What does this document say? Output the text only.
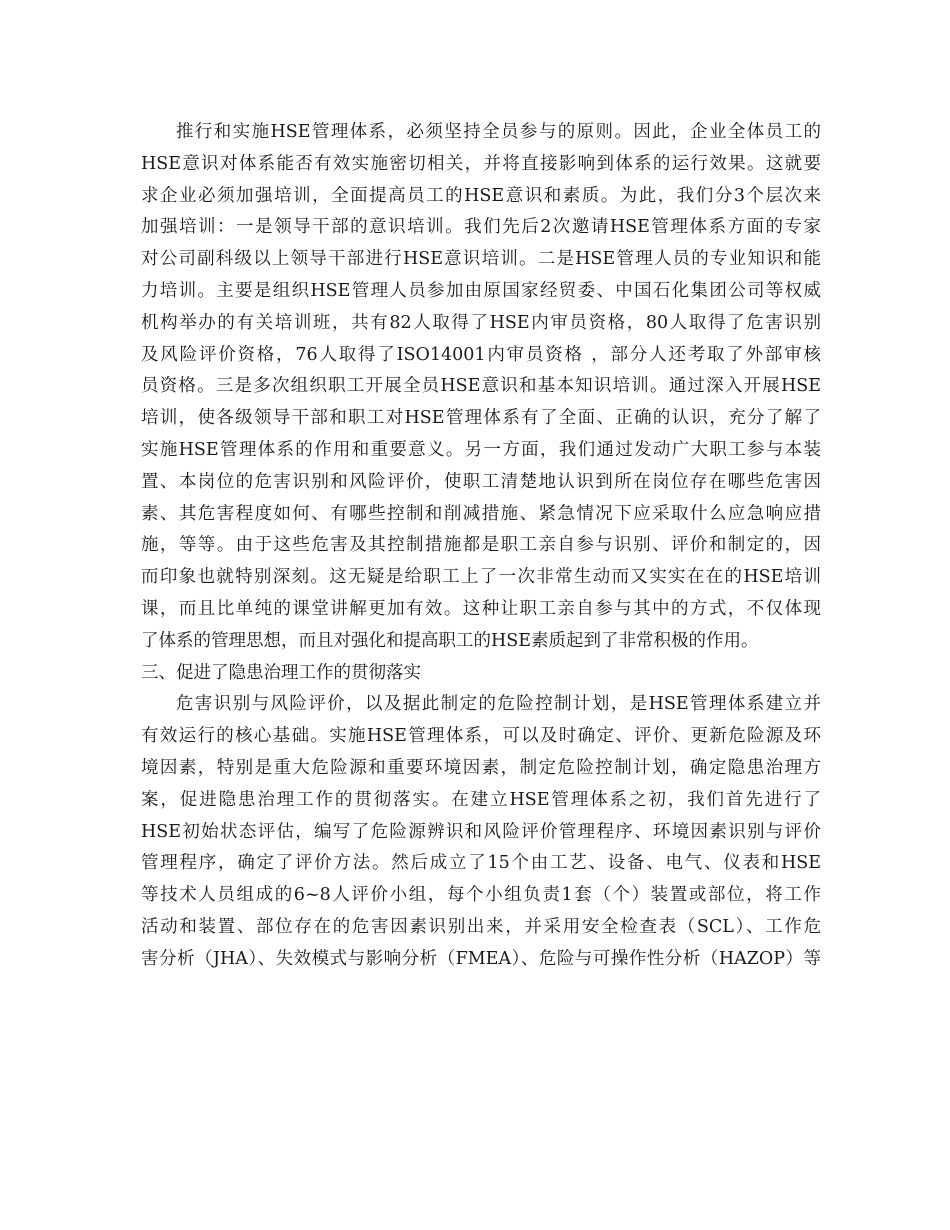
推行和实施HSE管理体系，必须坚持全员参与的原则。因此，企业全体员工的
HSE意识对体系能否有效实施密切相关，并将直接影响到体系的运行效果。这就要
求企业必须加强培训，全面提高员工的HSE意识和素质。为此，我们分3个层次来
加强培训：一是领导干部的意识培训。我们先后2次邀请HSE管理体系方面的专家
对公司副科级以上领导干部进行HSE意识培训。二是HSE管理人员的专业知识和能
力培训。主要是组织HSE管理人员参加由原国家经贸委、中国石化集团公司等权威
机构举办的有关培训班，共有82人取得了HSE内审员资格，80人取得了危害识别
及风险评价资格，76人取得了ISO14001内审员资格 ，部分人还考取了外部审核
员资格。三是多次组织职工开展全员HSE意识和基本知识培训。通过深入开展HSE
培训，使各级领导干部和职工对HSE管理体系有了全面、正确的认识，充分了解了
实施HSE管理体系的作用和重要意义。另一方面，我们通过发动广大职工参与本装
置、本岗位的危害识别和风险评价，使职工清楚地认识到所在岗位存在哪些危害因
素、其危害程度如何、有哪些控制和削减措施、紧急情况下应采取什么应急响应措
施，等等。由于这些危害及其控制措施都是职工亲自参与识别、评价和制定的，因
而印象也就特别深刻。这无疑是给职工上了一次非常生动而又实实在在的HSE培训
课，而且比单纯的课堂讲解更加有效。这种让职工亲自参与其中的方式，不仅体现
了体系的管理思想，而且对强化和提高职工的HSE素质起到了非常积极的作用。
三、促进了隐患治理工作的贯彻落实
危害识别与风险评价，以及据此制定的危险控制计划，是HSE管理体系建立并
有效运行的核心基础。实施HSE管理体系，可以及时确定、评价、更新危险源及环
境因素，特别是重大危险源和重要环境因素，制定危险控制计划，确定隐患治理方
案，促进隐患治理工作的贯彻落实。在建立HSE管理体系之初，我们首先进行了
HSE初始状态评估，编写了危险源辨识和风险评价管理程序、环境因素识别与评价
管理程序，确定了评价方法。然后成立了15个由工艺、设备、电气、仪表和HSE
等技术人员组成的6~8人评价小组，每个小组负责1套（个）装置或部位，将工作
活动和装置、部位存在的危害因素识别出来，并采用安全检查表（SCL）、工作危
害分析（JHA）、失效模式与影响分析（FMEA）、危险与可操作性分析（HAZOP）等
